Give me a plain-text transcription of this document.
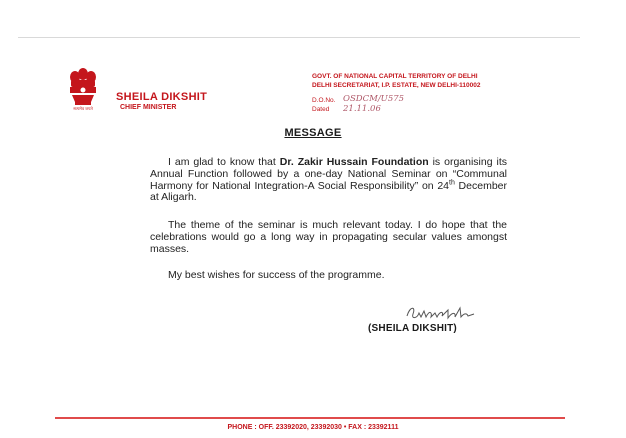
सत्यमेव जयते
SHEILA DIKSHIT
CHIEF MINISTER
GOVT. OF NATIONAL CAPITAL TERRITORY OF DELHI
DELHI SECRETARIAT, I.P. ESTATE, NEW DELHI-110002
D.O.No. OSDCM/U575
Dated 21.11.06
MESSAGE
I am glad to know that Dr. Zakir Hussain Foundation is organising its Annual Function followed by a one-day National Seminar on “Communal Harmony for National Integration-A Social Responsibility” on 24th December at Aligarh.
The theme of the seminar is much relevant today. I do hope that the celebrations would go a long way in propagating secular values amongst masses.
My best wishes for success of the programme.
(SHEILA DIKSHIT)
PHONE : OFF. 23392020, 23392030 • FAX : 23392111
